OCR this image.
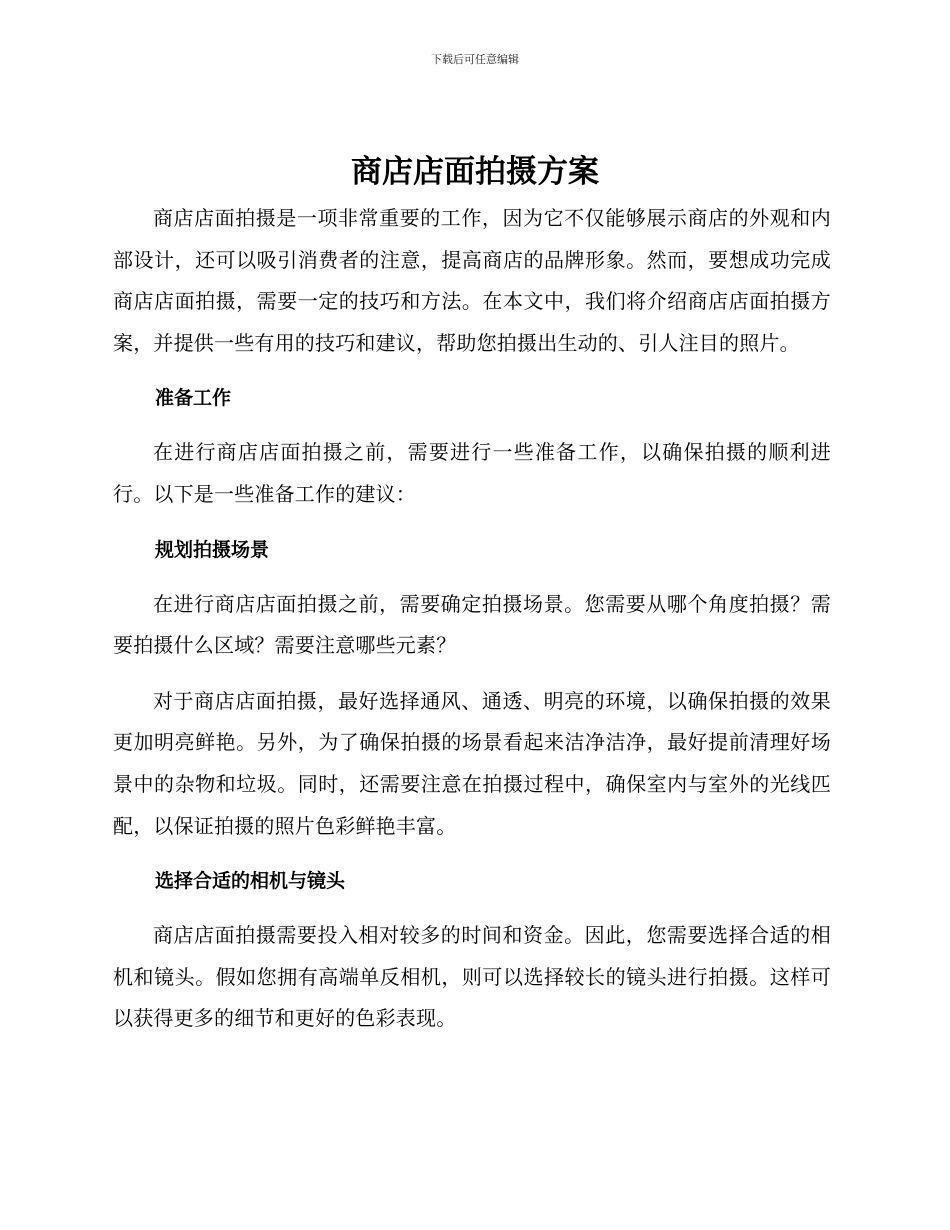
下载后可任意编辑
商店店面拍摄方案

商店店面拍摄是一项非常重要的工作，因为它不仅能够展示商店的外观和内部设计，还可以吸引消费者的注意，提高商店的品牌形象。然而，要想成功完成商店店面拍摄，需要一定的技巧和方法。在本文中，我们将介绍商店店面拍摄方案，并提供一些有用的技巧和建议，帮助您拍摄出生动的、引人注目的照片。

准备工作

在进行商店店面拍摄之前，需要进行一些准备工作，以确保拍摄的顺利进行。以下是一些准备工作的建议：

规划拍摄场景

在进行商店店面拍摄之前，需要确定拍摄场景。您需要从哪个角度拍摄？需要拍摄什么区域？需要注意哪些元素？

对于商店店面拍摄，最好选择通风、通透、明亮的环境，以确保拍摄的效果更加明亮鲜艳。另外，为了确保拍摄的场景看起来洁净洁净，最好提前清理好场景中的杂物和垃圾。同时，还需要注意在拍摄过程中，确保室内与室外的光线匹配，以保证拍摄的照片色彩鲜艳丰富。

选择合适的相机与镜头

商店店面拍摄需要投入相对较多的时间和资金。因此，您需要选择合适的相机和镜头。假如您拥有高端单反相机，则可以选择较长的镜头进行拍摄。这样可以获得更多的细节和更好的色彩表现。
